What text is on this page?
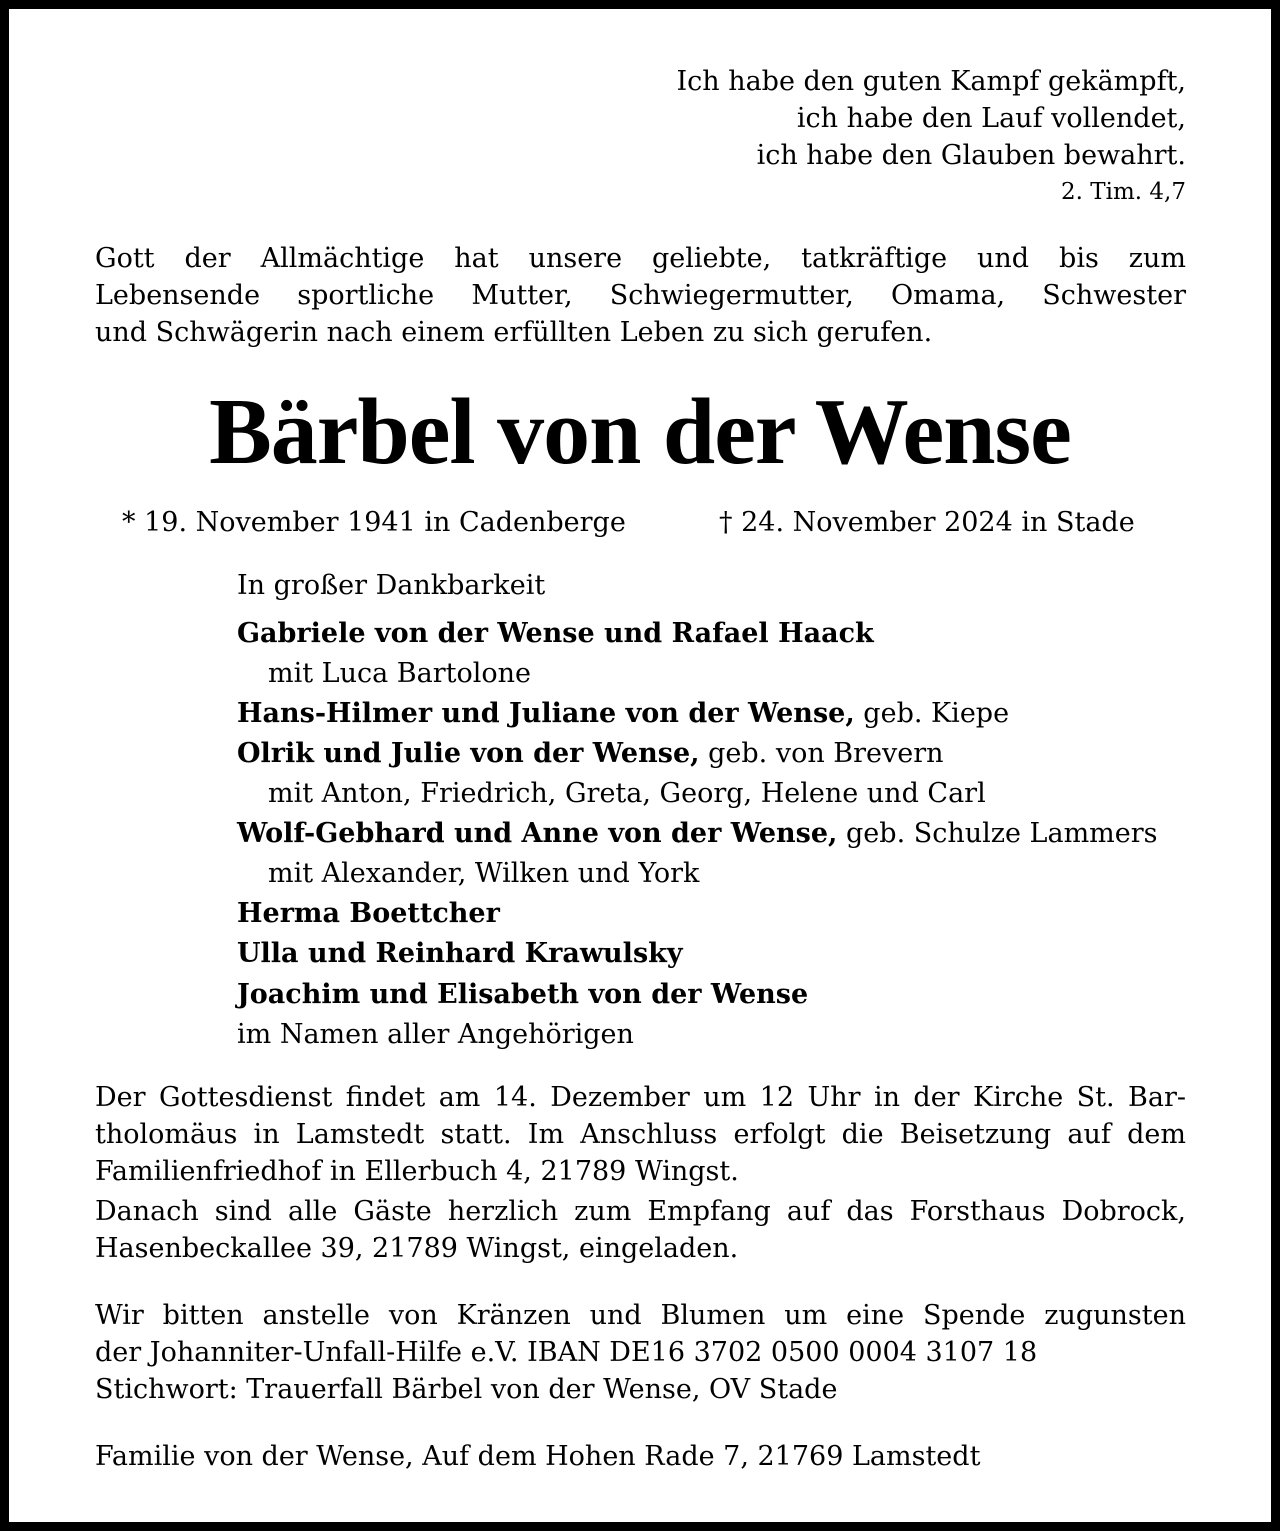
Ich habe den guten Kampf gekämpft,
ich habe den Lauf vollendet,
ich habe den Glauben bewahrt.
2. Tim. 4,7
Gott der Allmächtige hat unsere geliebte, tatkräftige und bis zum
Lebensende sportliche Mutter, Schwiegermutter, Omama, Schwester
und Schwägerin nach einem erfüllten Leben zu sich gerufen.
Bärbel von der Wense
* 19. November 1941 in Cadenberge	† 24. November 2024 in Stade
In großer Dankbarkeit
Gabriele von der Wense und Rafael Haack
mit Luca Bartolone
Hans-Hilmer und Juliane von der Wense, geb. Kiepe
Olrik und Julie von der Wense, geb. von Brevern
mit Anton, Friedrich, Greta, Georg, Helene und Carl
Wolf-Gebhard und Anne von der Wense, geb. Schulze Lammers
mit Alexander, Wilken und York
Herma Boettcher
Ulla und Reinhard Krawulsky
Joachim und Elisabeth von der Wense
im Namen aller Angehörigen
Der Gottesdienst findet am 14. Dezember um 12 Uhr in der Kirche St. Bar-
tholomäus in Lamstedt statt. Im Anschluss erfolgt die Beisetzung auf dem
Familienfriedhof in Ellerbuch 4, 21789 Wingst.
Danach sind alle Gäste herzlich zum Empfang auf das Forsthaus Dobrock,
Hasenbeckallee 39, 21789 Wingst, eingeladen.
Wir bitten anstelle von Kränzen und Blumen um eine Spende zugunsten
der Johanniter-Unfall-Hilfe e.V. IBAN DE16 3702 0500 0004 3107 18
Stichwort: Trauerfall Bärbel von der Wense, OV Stade
Familie von der Wense, Auf dem Hohen Rade 7, 21769 Lamstedt
